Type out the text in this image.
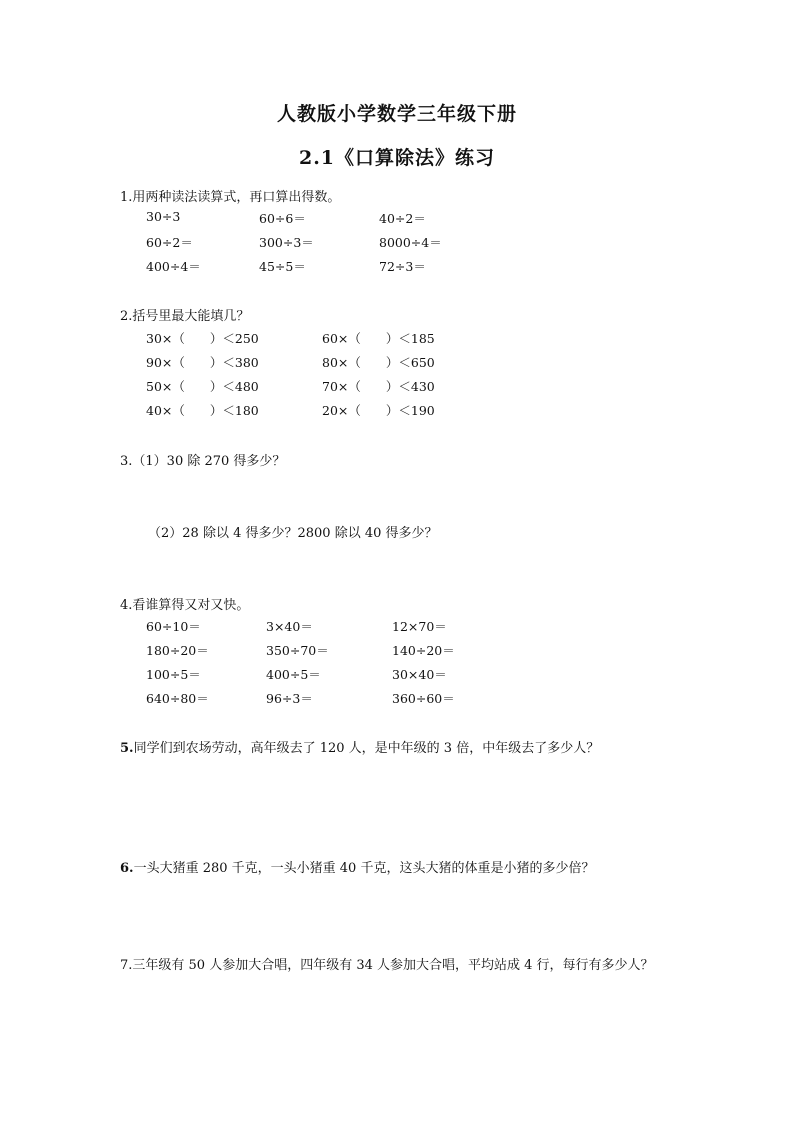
人教版小学数学三年级下册
2.1《口算除法》练习
1.用两种读法读算式，再口算出得数。
30÷3	60÷6＝	40÷2＝
60÷2＝	300÷3＝	8000÷4＝
400÷4＝	45÷5＝	72÷3＝
2.括号里最大能填几？
30×（　　）＜250	60×（　　）＜185
90×（　　）＜380	80×（　　）＜650
50×（　　）＜480	70×（　　）＜430
40×（　　）＜180	20×（　　）＜190
3.（1）30 除 270 得多少？
（2）28 除以 4 得多少？2800 除以 40 得多少？
4.看谁算得又对又快。
60÷10＝	3×40＝	12×70＝
180÷20＝	350÷70＝	140÷20＝
100÷5＝	400÷5＝	30×40＝
640÷80＝	96÷3＝	360÷60＝
5.同学们到农场劳动，高年级去了 120 人，是中年级的 3 倍，中年级去了多少人？
6.一头大猪重 280 千克，一头小猪重 40 千克，这头大猪的体重是小猪的多少倍？
7.三年级有 50 人参加大合唱，四年级有 34 人参加大合唱，平均站成 4 行，每行有多少人？
